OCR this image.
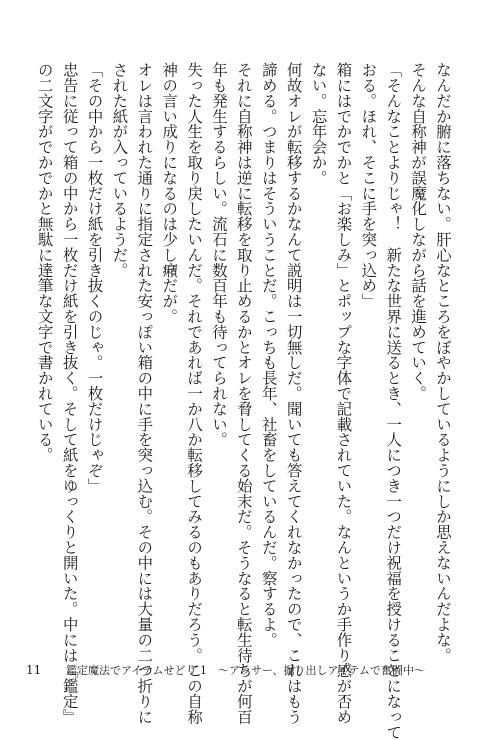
なんだか腑に落ちない。肝心なところをぼやかしているようにしか思えないんだよな。
そんな自称神が誤魔化しながら話を進めていく。
「そんなことよりじゃ！　新たな世界に送るとき、一人につき一つだけ祝福を授けることになって
おる。ほれ、そこに手を突っ込め」
箱にはでかでかと「お楽しみ」とポップな字体で記載されていた。なんというか手作り感が否め
ない。忘年会か。
何故オレが転移するかなんて説明は一切無しだ。聞いても答えてくれなかったので、これはもう
諦める。つまりはそういうことだ。こっちも長年、社畜をしているんだ。察するよ。
それに自称神は逆に転移を取り止めるかとオレを脅してくる始末だ。そうなると転生待ちが何百
年も発生するらしい。流石に数百年も待ってられない。
失った人生を取り戻したいんだ。それであれば一か八か転移してみるのもありだろう。この自称
神の言い成りになるのは少し癪だが。
オレは言われた通りに指定された安っぽい箱の中に手を突っ込む。その中には大量の二つ折りに
された紙が入っているようだ。
「その中から一枚だけ紙を引き抜くのじゃ。一枚だけじゃぞ」
忠告に従って箱の中から一枚だけ紙を引き抜く。そして紙をゆっくりと開いた。中には『鑑定』
の二文字がでかでかと無駄に達筆な文字で書かれている。
11	鑑定魔法でアイテムせどり 1　～アラサー、掘り出しアイテムで奮闘中～
